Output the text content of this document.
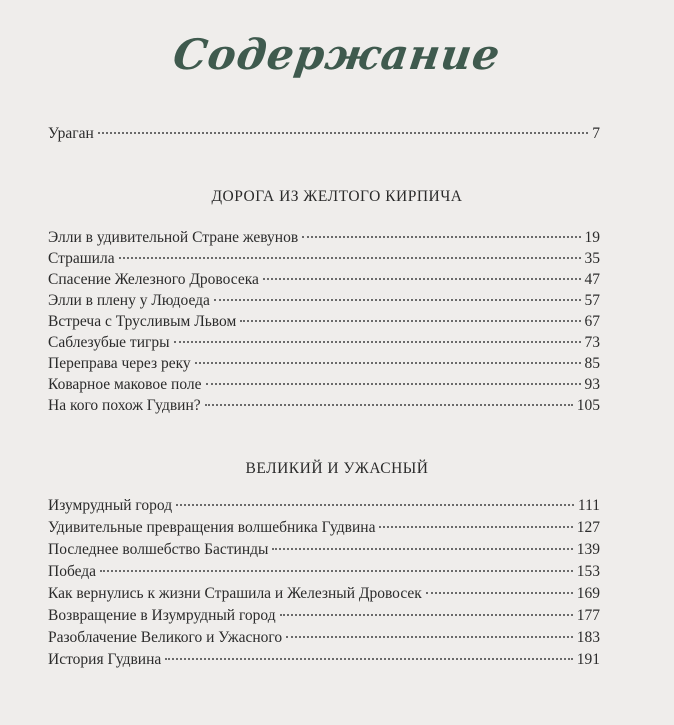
Содержание
Ураган	7
ДОРОГА ИЗ ЖЕЛТОГО КИРПИЧА
Элли в удивительной Стране жевунов	19
Страшила	35
Спасение Железного Дровосека	47
Элли в плену у Людоеда	57
Встреча с Трусливым Львом	67
Саблезубые тигры	73
Переправа через реку	85
Коварное маковое поле	93
На кого похож Гудвин?	105
ВЕЛИКИЙ И УЖАСНЫЙ
Изумрудный город	111
Удивительные превращения волшебника Гудвина	127
Последнее волшебство Бастинды	139
Победа	153
Как вернулись к жизни Страшила и Железный Дровосек	169
Возвращение в Изумрудный город	177
Разоблачение Великого и Ужасного	183
История Гудвина	191
